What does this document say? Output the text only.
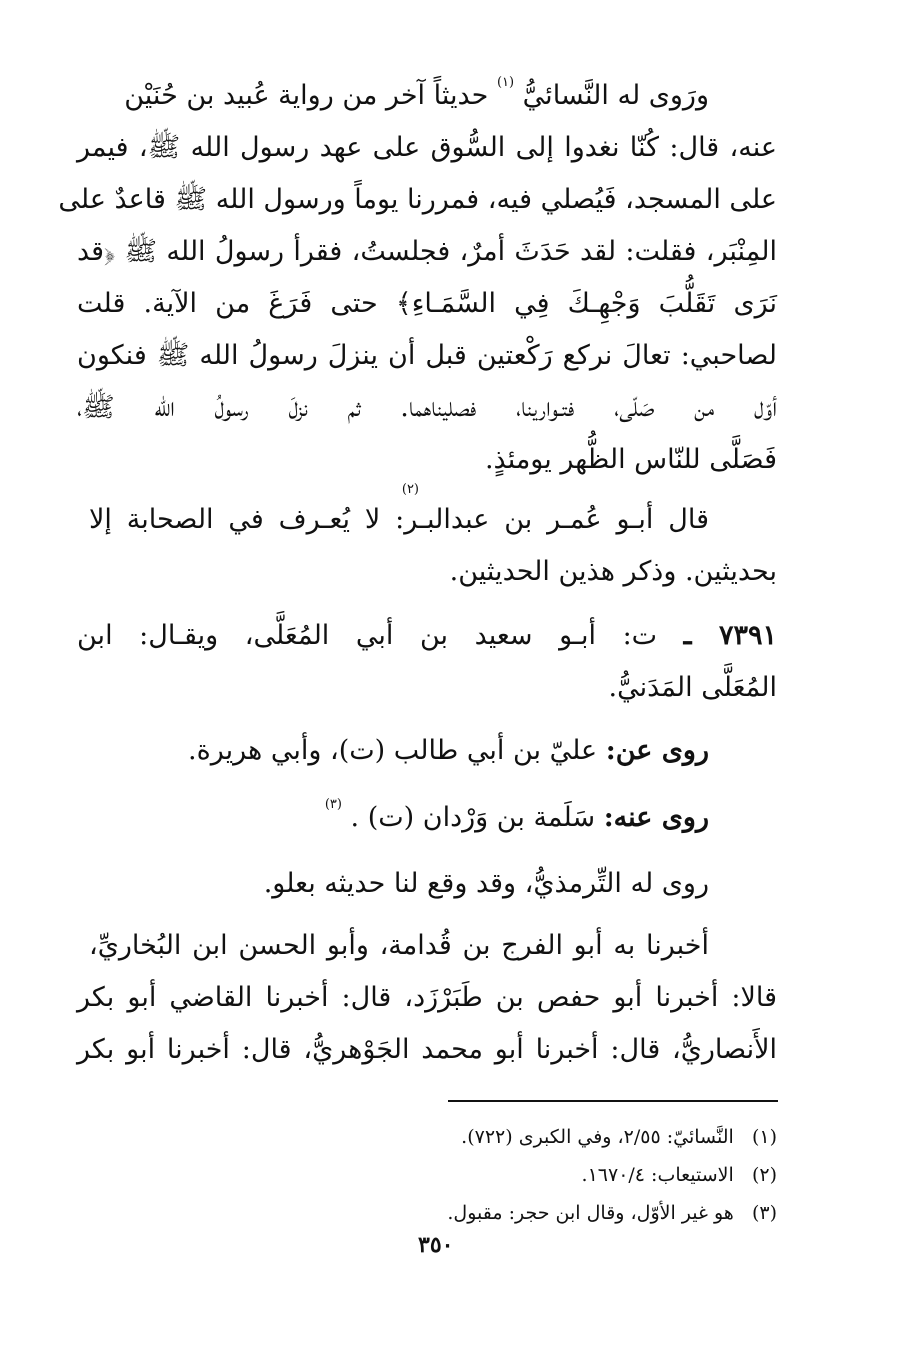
ورَوى له النَّسائيُّ $^{(١)}$ حديثاً آخر من رواية عُبيد بن حُنَيْن
عنه، قال: كُنّا نغدوا إلى السُّوق على عهد رسول الله ﷺ، فيمر
على المسجد، فَيُصلي فيه، فمررنا يوماً ورسول الله ﷺ قاعدٌ على
المِنْبَر، فقلت: لقد حَدَثَ أمرٌ، فجلستُ، فقرأ رسولُ الله ﷺ ﴿قد
نَرَى تَقَلُّبَ وَجْهِـكَ فِي السَّمَـاءِ﴾ حتى فَرَغَ من الآية. قلت
لصاحبي: تعالَ نركع رَكْعتين قبل أن ينزلَ رسولُ الله ﷺ فنكون
أوّل من صَلّى، فتـوارينا، فصليناهما. ثم نزلَ رسولُ الله ﷺ،
فَصَلَّى للنّاس الظُّهر يومئذٍ.
قال أبـو عُمـر بن عبدالبـر: لا يُعـرف في الصحابة إلا
(٢)
بحديثين. وذكر هذين الحديثين.
٧٣٩١ ـ ت: أبـو سعيد بن أبي المُعَلَّى، ويقـال: ابن
المُعَلَّى المَدَنيُّ.
روى عن: عليّ بن أبي طالب (ت)، وأبي هريرة.
روى عنه: سَلَمة بن وَرْدان (ت) . $^{(٣)}$
روى له التِّرمذيُّ، وقد وقع لنا حديثه بعلو.
أخبرنا به أبو الفرج بن قُدامة، وأبو الحسن ابن البُخاريِّ،
قالا: أخبرنا أبو حفص بن طَبَرْزَد، قال: أخبرنا القاضي أبو بكر
الأَنصاريُّ، قال: أخبرنا أبو محمد الجَوْهريُّ، قال: أخبرنا أبو بكر
(١)   النَّسائيّ: ٢/٥٥، وفي الكبرى (٧٢٢).
(٢)   الاستيعاب: ١٦٧٠/٤.
(٣)   هو غير الأوّل، وقال ابن حجر: مقبول.
٣٥٠
